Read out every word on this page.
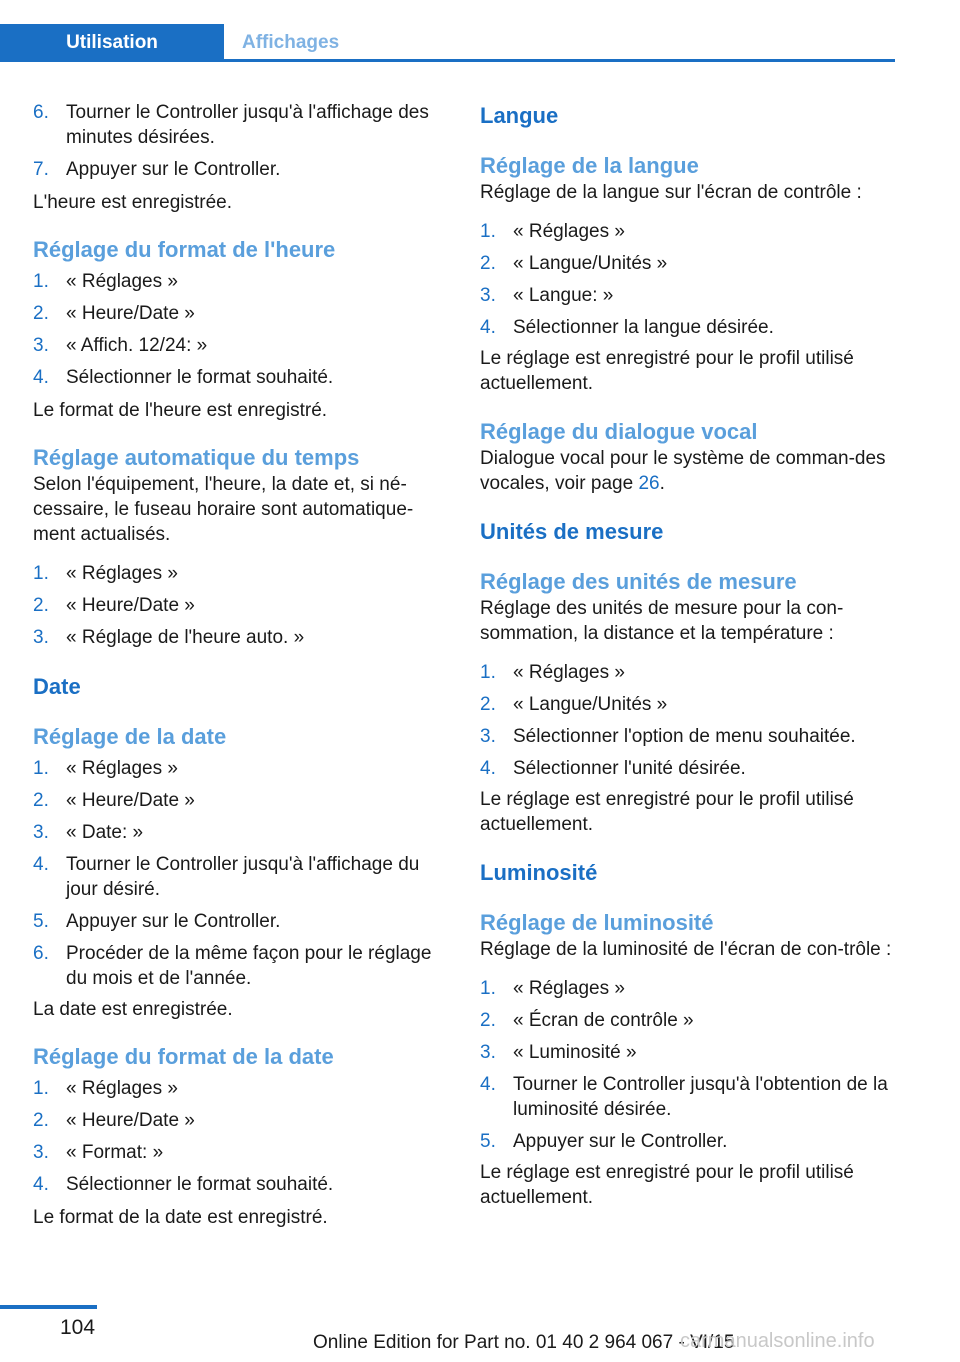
Utilisation	Affichages
6. Tourner le Controller jusqu'à l'affichage des minutes désirées.
7. Appuyer sur le Controller.

L'heure est enregistrée.

Réglage du format de l'heure
1. « Réglages »
2. « Heure/Date »
3. « Affich. 12/24: »
4. Sélectionner le format souhaité.

Le format de l'heure est enregistré.

Réglage automatique du temps

Selon l'équipement, l'heure, la date et, si né-cessaire, le fuseau horaire sont automatique-ment actualisés.

1. « Réglages »
2. « Heure/Date »
3. « Réglage de l'heure auto. »
Date
Réglage de la date
1. « Réglages »
2. « Heure/Date »
3. « Date: »
4. Tourner le Controller jusqu'à l'affichage du jour désiré.
5. Appuyer sur le Controller.
6. Procéder de la même façon pour le réglage du mois et de l'année.

La date est enregistrée.

Réglage du format de la date
1. « Réglages »
2. « Heure/Date »
3. « Format: »
4. Sélectionner le format souhaité.

Le format de la date est enregistré.

Langue
Réglage de la langue

Réglage de la langue sur l'écran de contrôle :

1. « Réglages »
2. « Langue/Unités »
3. « Langue: »
4. Sélectionner la langue désirée.

Le réglage est enregistré pour le profil utilisé actuellement.

Réglage du dialogue vocal

Dialogue vocal pour le système de comman-des vocales, voir page 26.

Unités de mesure
Réglage des unités de mesure

Réglage des unités de mesure pour la con-sommation, la distance et la température :

1. « Réglages »
2. « Langue/Unités »
3. Sélectionner l'option de menu souhaitée.
4. Sélectionner l'unité désirée.

Le réglage est enregistré pour le profil utilisé actuellement.

Luminosité
Réglage de luminosité

Réglage de la luminosité de l'écran de con-trôle :

1. « Réglages »
2. « Écran de contrôle »
3. « Luminosité »
4. Tourner le Controller jusqu'à l'obtention de la luminosité désirée.
5. Appuyer sur le Controller.

Le réglage est enregistré pour le profil utilisé actuellement.

104
Online Edition for Part no. 01 40 2 964 067 - VI/15
carmanualsonline.info
